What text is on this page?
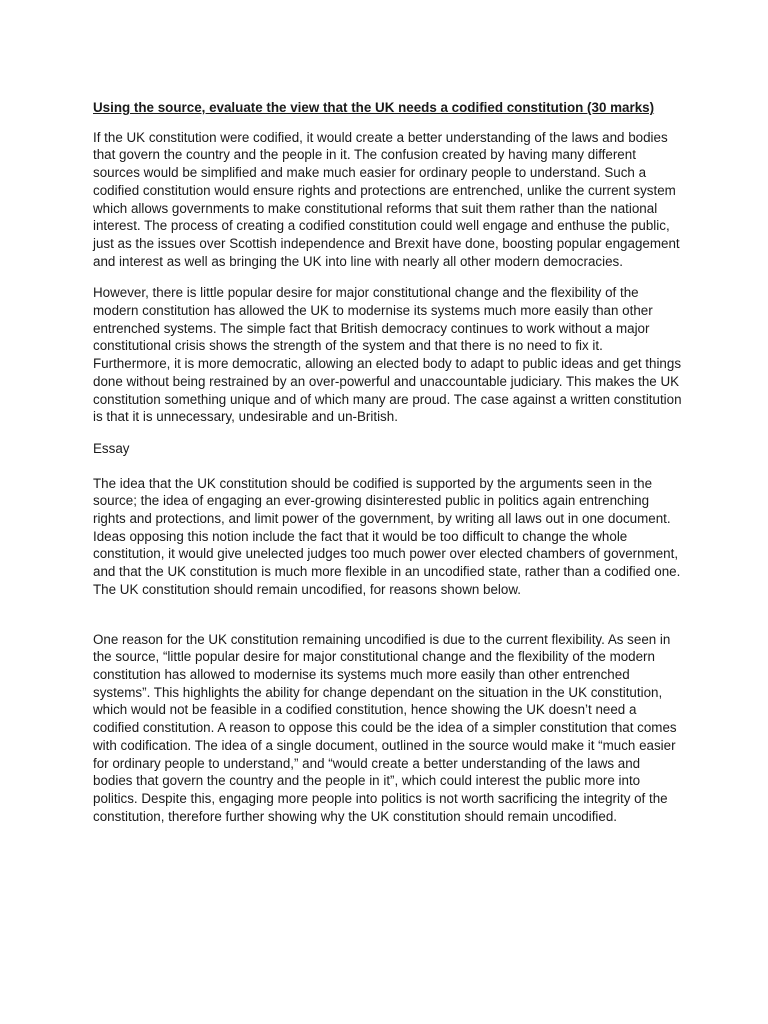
Using the source, evaluate the view that the UK needs a codified constitution (30 marks)

If the UK constitution were codified, it would create a better understanding of the laws and bodies that govern the country and the people in it. The confusion created by having many different sources would be simplified and make much easier for ordinary people to understand. Such a codified constitution would ensure rights and protections are entrenched, unlike the current system which allows governments to make constitutional reforms that suit them rather than the national interest. The process of creating a codified constitution could well engage and enthuse the public, just as the issues over Scottish independence and Brexit have done, boosting popular engagement and interest as well as bringing the UK into line with nearly all other modern democracies.

However, there is little popular desire for major constitutional change and the flexibility of the modern constitution has allowed the UK to modernise its systems much more easily than other entrenched systems. The simple fact that British democracy continues to work without a major constitutional crisis shows the strength of the system and that there is no need to fix it. Furthermore, it is more democratic, allowing an elected body to adapt to public ideas and get things done without being restrained by an over-powerful and unaccountable judiciary. This makes the UK constitution something unique and of which many are proud. The case against a written constitution is that it is unnecessary, undesirable and un-British.

Essay

The idea that the UK constitution should be codified is supported by the arguments seen in the source; the idea of engaging an ever-growing disinterested public in politics again entrenching rights and protections, and limit power of the government, by writing all laws out in one document. Ideas opposing this notion include the fact that it would be too difficult to change the whole constitution, it would give unelected judges too much power over elected chambers of government, and that the UK constitution is much more flexible in an uncodified state, rather than a codified one. The UK constitution should remain uncodified, for reasons shown below.

One reason for the UK constitution remaining uncodified is due to the current flexibility. As seen in the source, “little popular desire for major constitutional change and the flexibility of the modern constitution has allowed to modernise its systems much more easily than other entrenched systems”. This highlights the ability for change dependant on the situation in the UK constitution, which would not be feasible in a codified constitution, hence showing the UK doesn’t need a codified constitution. A reason to oppose this could be the idea of a simpler constitution that comes with codification. The idea of a single document, outlined in the source would make it “much easier for ordinary people to understand,” and “would create a better understanding of the laws and bodies that govern the country and the people in it”, which could interest the public more into politics. Despite this, engaging more people into politics is not worth sacrificing the integrity of the constitution, therefore further showing why the UK constitution should remain uncodified.
